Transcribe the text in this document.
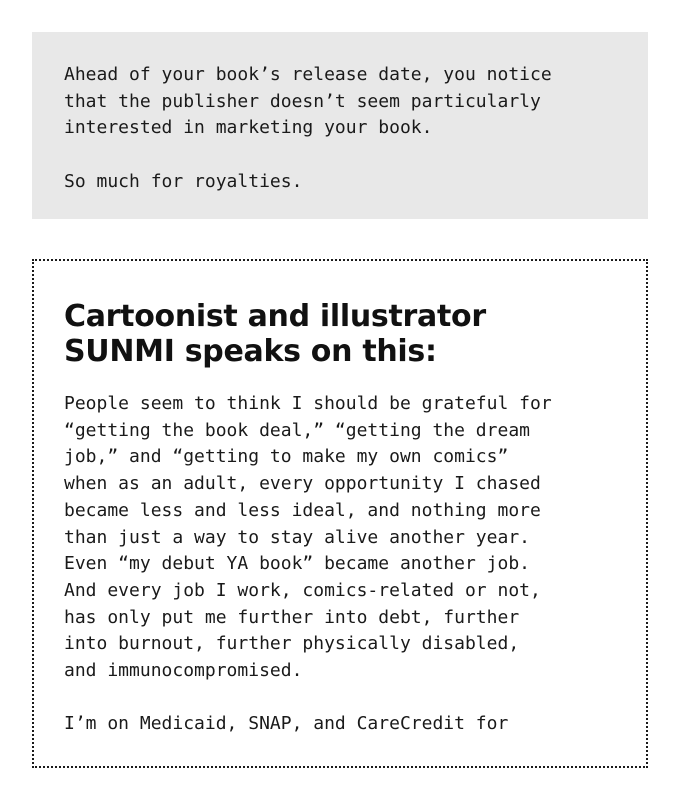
Ahead of your book’s release date, you notice

that the publisher doesn’t seem particularly

interested in marketing your book.

So much for royalties.

Cartoonist and illustrator
SUNMI speaks on this:

People seem to think I should be grateful for

“getting the book deal,” “getting the dream

job,” and “getting to make my own comics”

when as an adult, every opportunity I chased

became less and less ideal, and nothing more

than just a way to stay alive another year.

Even “my debut YA book” became another job.

And every job I work, comics-related or not,

has only put me further into debt, further

into burnout, further physically disabled,

and immunocompromised.

I’m on Medicaid, SNAP, and CareCredit for
